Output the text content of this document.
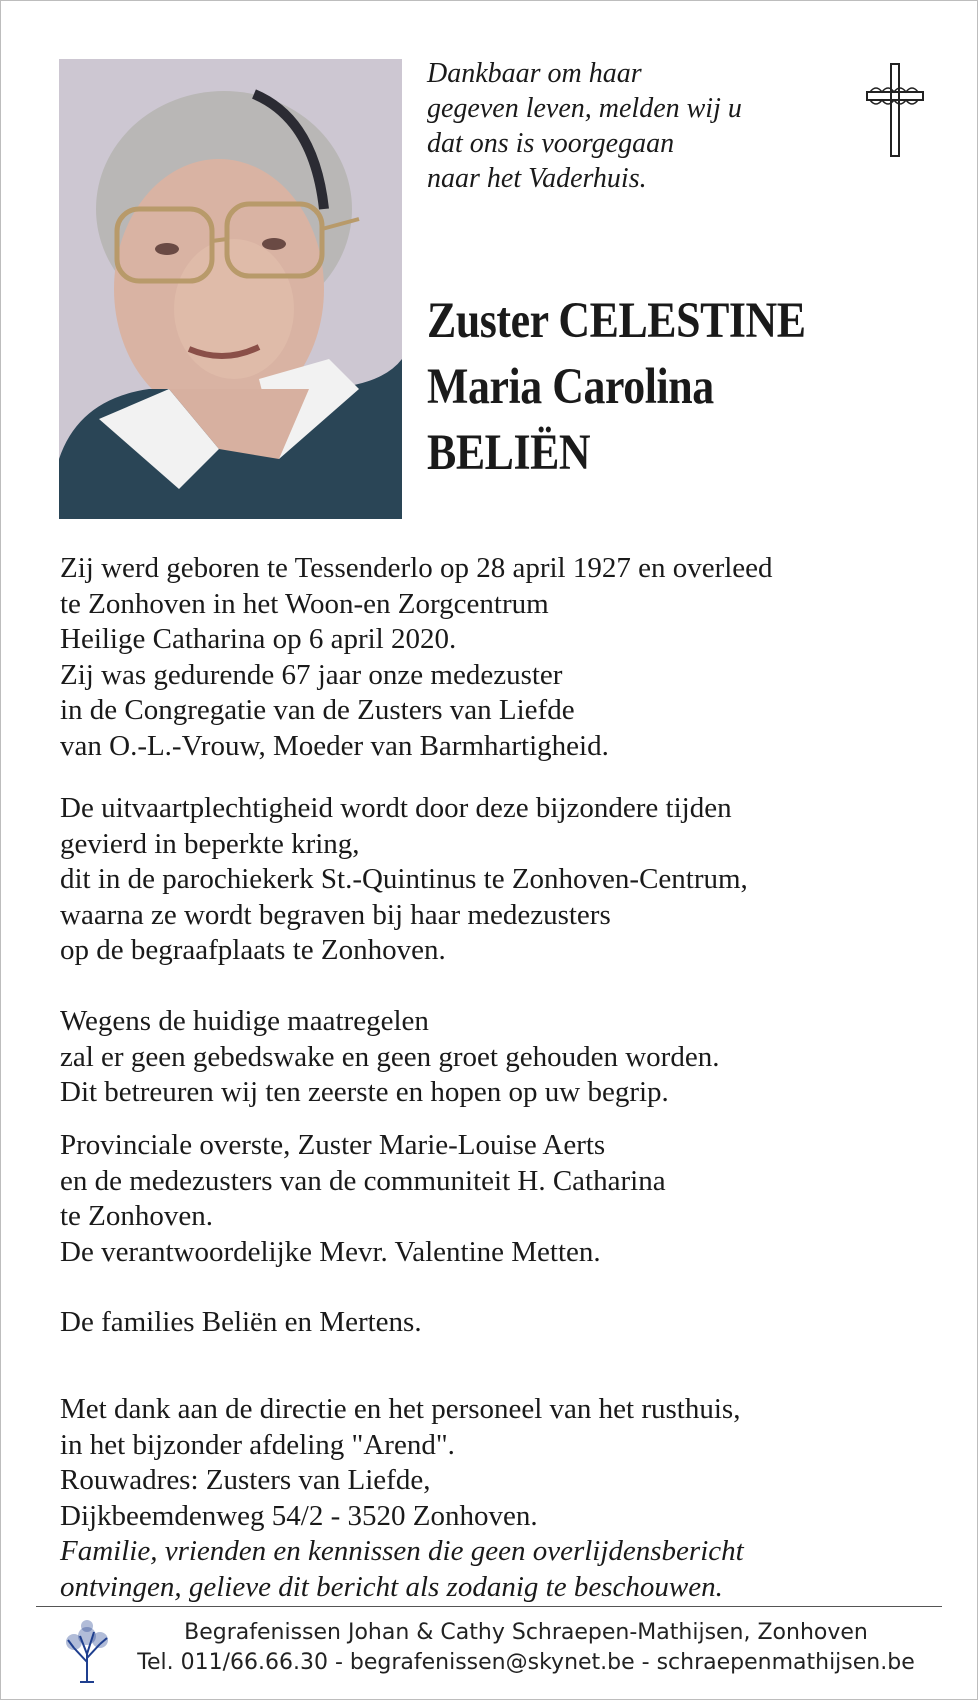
Dankbaar om haar
gegeven leven, melden wij u
dat ons is voorgegaan
naar het Vaderhuis.
Zuster CELESTINE
Maria Carolina
BELIËN
Zij werd geboren te Tessenderlo op 28 april 1927 en overleed
te Zonhoven in het Woon-en Zorgcentrum
Heilige Catharina op 6 april 2020.
Zij was gedurende 67 jaar onze medezuster
in de Congregatie van de Zusters van Liefde
van O.-L.-Vrouw, Moeder van Barmhartigheid.
De uitvaartplechtigheid wordt door deze bijzondere tijden
gevierd in beperkte kring,
dit in de parochiekerk St.-Quintinus te Zonhoven-Centrum,
waarna ze wordt begraven bij haar medezusters
op de begraafplaats te Zonhoven.
Wegens de huidige maatregelen
zal er geen gebedswake en geen groet gehouden worden.
Dit betreuren wij ten zeerste en hopen op uw begrip.
Provinciale overste, Zuster Marie-Louise Aerts
en de medezusters van de communiteit H. Catharina
te Zonhoven.
De verantwoordelijke Mevr. Valentine Metten.
De families Beliën en Mertens.
Met dank aan de directie en het personeel van het rusthuis,
in het bijzonder afdeling "Arend".
Rouwadres: Zusters van Liefde,
Dijkbeemdenweg 54/2 - 3520 Zonhoven.
Familie, vrienden en kennissen die geen overlijdensbericht
ontvingen, gelieve dit bericht als zodanig te beschouwen.
Begrafenissen Johan & Cathy Schraepen-Mathijsen, Zonhoven
Tel. 011/66.66.30 - begrafenissen@skynet.be - schraepenmathijsen.be
